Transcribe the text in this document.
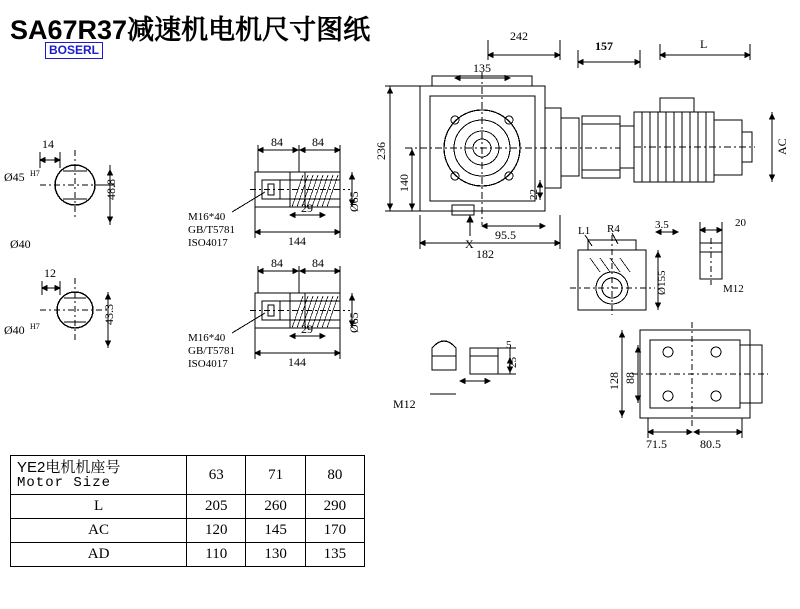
SA67R37减速机电机尺寸图纸
BOSERL
14
Ø45 H7
Ø40
48.8
12
Ø40 H7
43.3
84 84
29
144
Ø65
M16*40
GB/T5781
ISO4017
84 84
29
144
Ø65
M16*40
GB/T5781
ISO4017
242
135
157	L
AC
236
140
22
95.5
182
X
5
25
M12
L1 R4	3.5	20
Ø155	M12
128 88
71.5	80.5
YE2电机机座号
Motor Size	63	71	80
L	205	260	290
AC	120	145	170
AD	110	130	135
